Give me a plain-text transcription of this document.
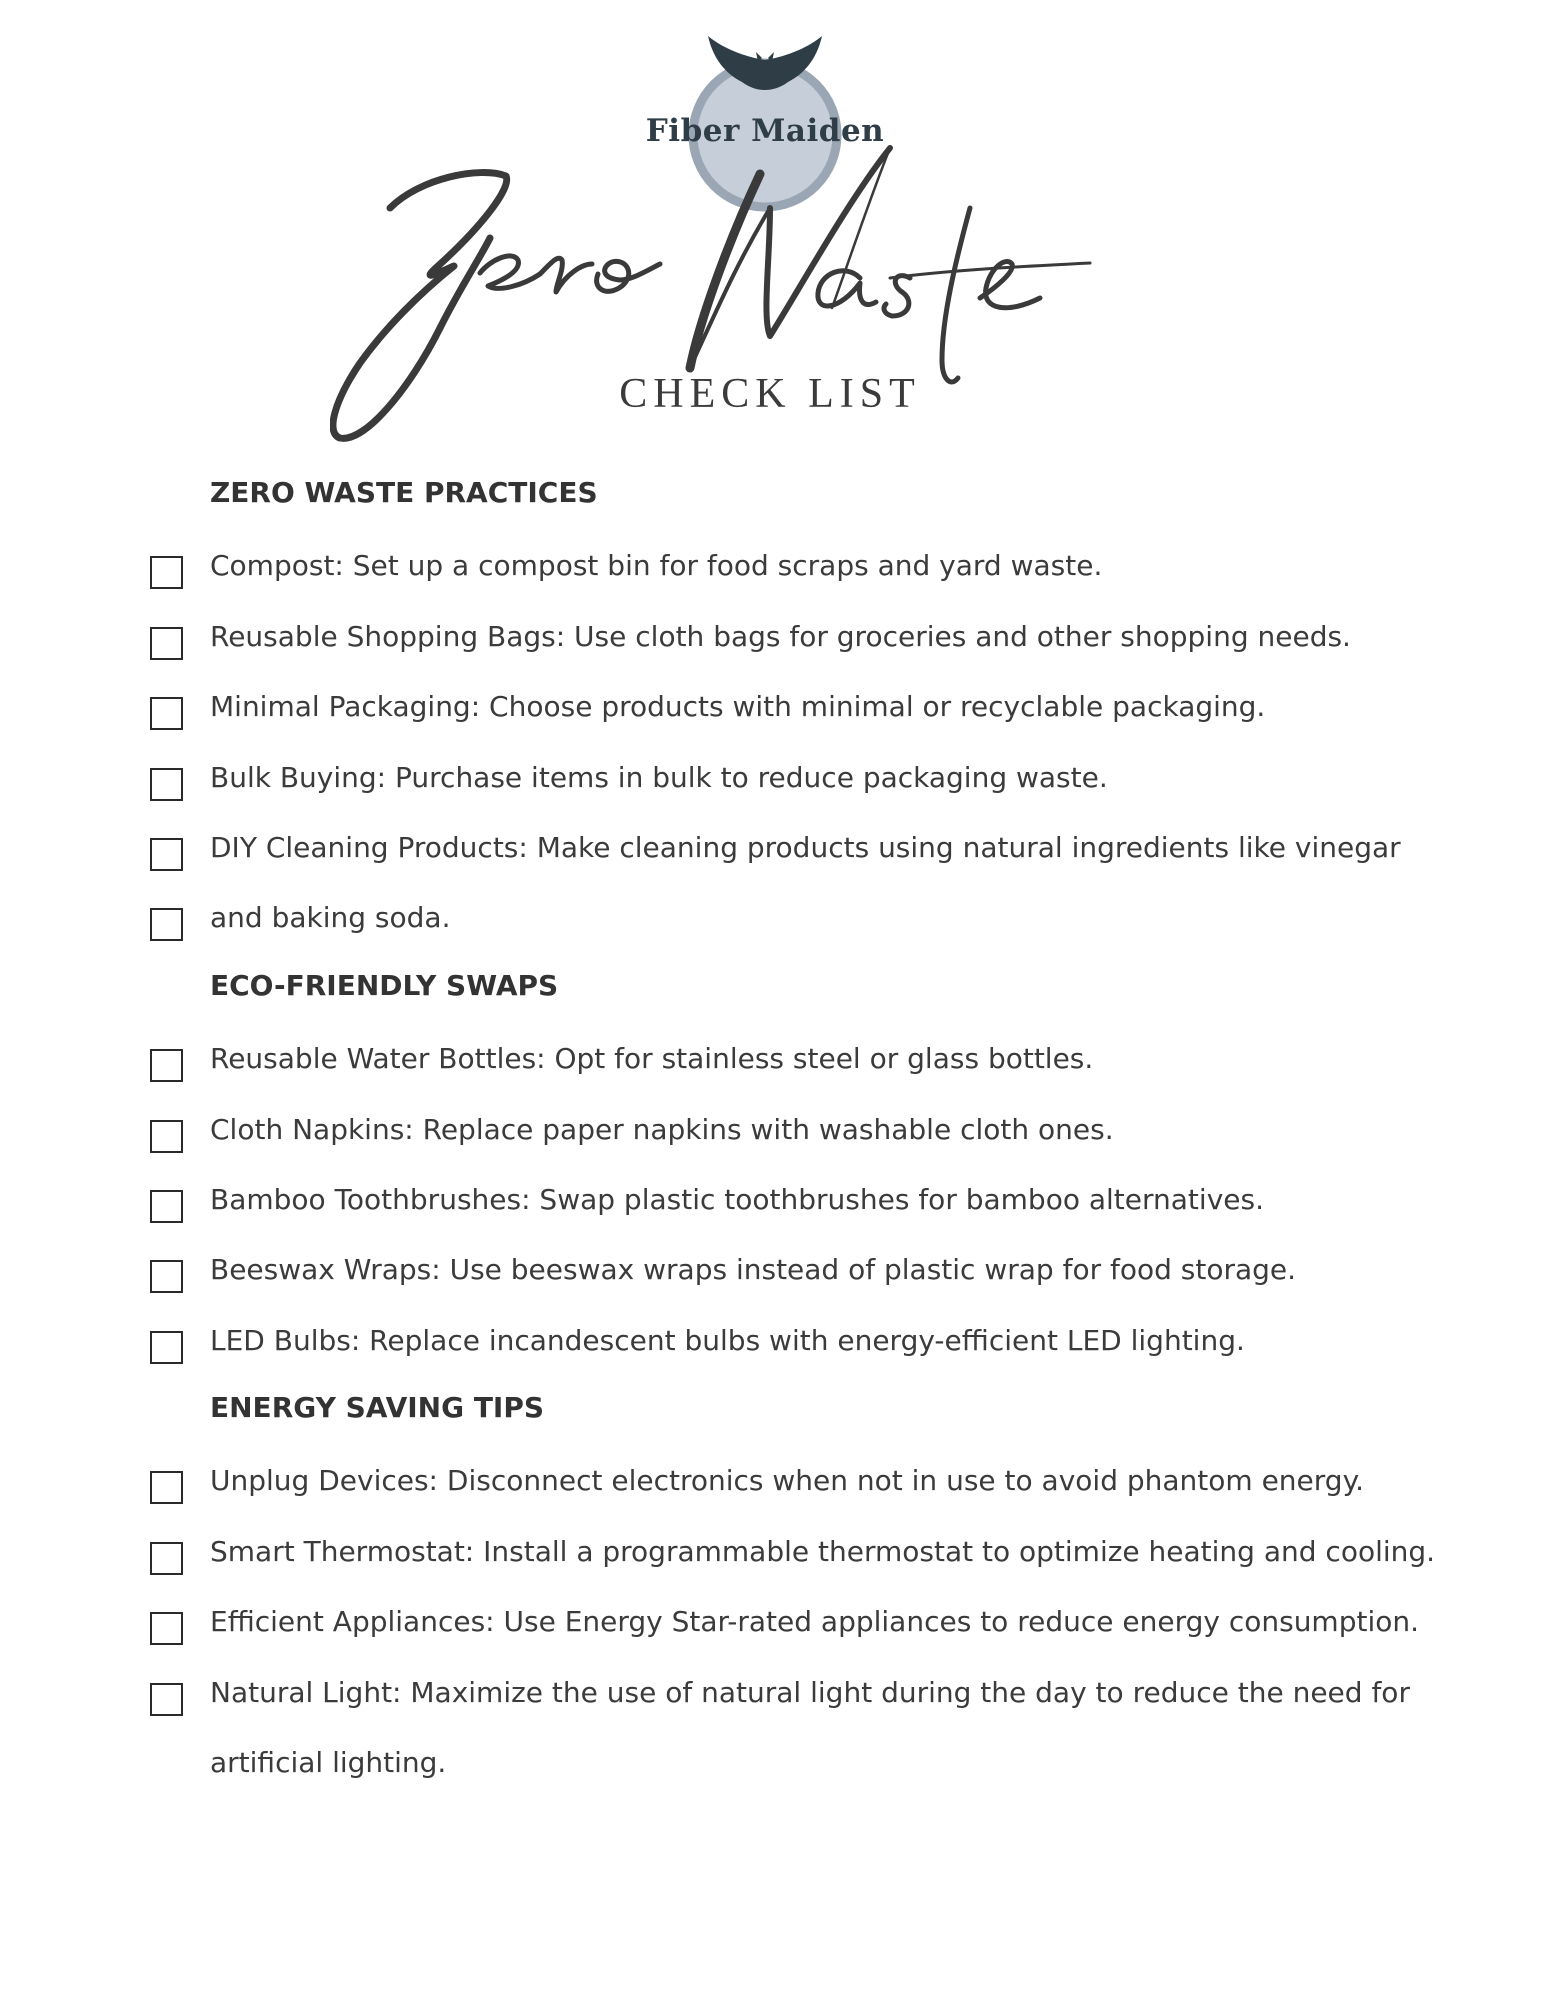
Fiber Maiden
CHECK LIST
ZERO WASTE PRACTICES
Compost: Set up a compost bin for food scraps and yard waste.
Reusable Shopping Bags: Use cloth bags for groceries and other shopping needs.
Minimal Packaging: Choose products with minimal or recyclable packaging.
Bulk Buying: Purchase items in bulk to reduce packaging waste.
DIY Cleaning Products: Make cleaning products using natural ingredients like vinegar
and baking soda.
ECO-FRIENDLY SWAPS
Reusable Water Bottles: Opt for stainless steel or glass bottles.
Cloth Napkins: Replace paper napkins with washable cloth ones.
Bamboo Toothbrushes: Swap plastic toothbrushes for bamboo alternatives.
Beeswax Wraps: Use beeswax wraps instead of plastic wrap for food storage.
LED Bulbs: Replace incandescent bulbs with energy-efficient LED lighting.
ENERGY SAVING TIPS
Unplug Devices: Disconnect electronics when not in use to avoid phantom energy.
Smart Thermostat: Install a programmable thermostat to optimize heating and cooling.
Efficient Appliances: Use Energy Star-rated appliances to reduce energy consumption.
Natural Light: Maximize the use of natural light during the day to reduce the need for
artificial lighting.
